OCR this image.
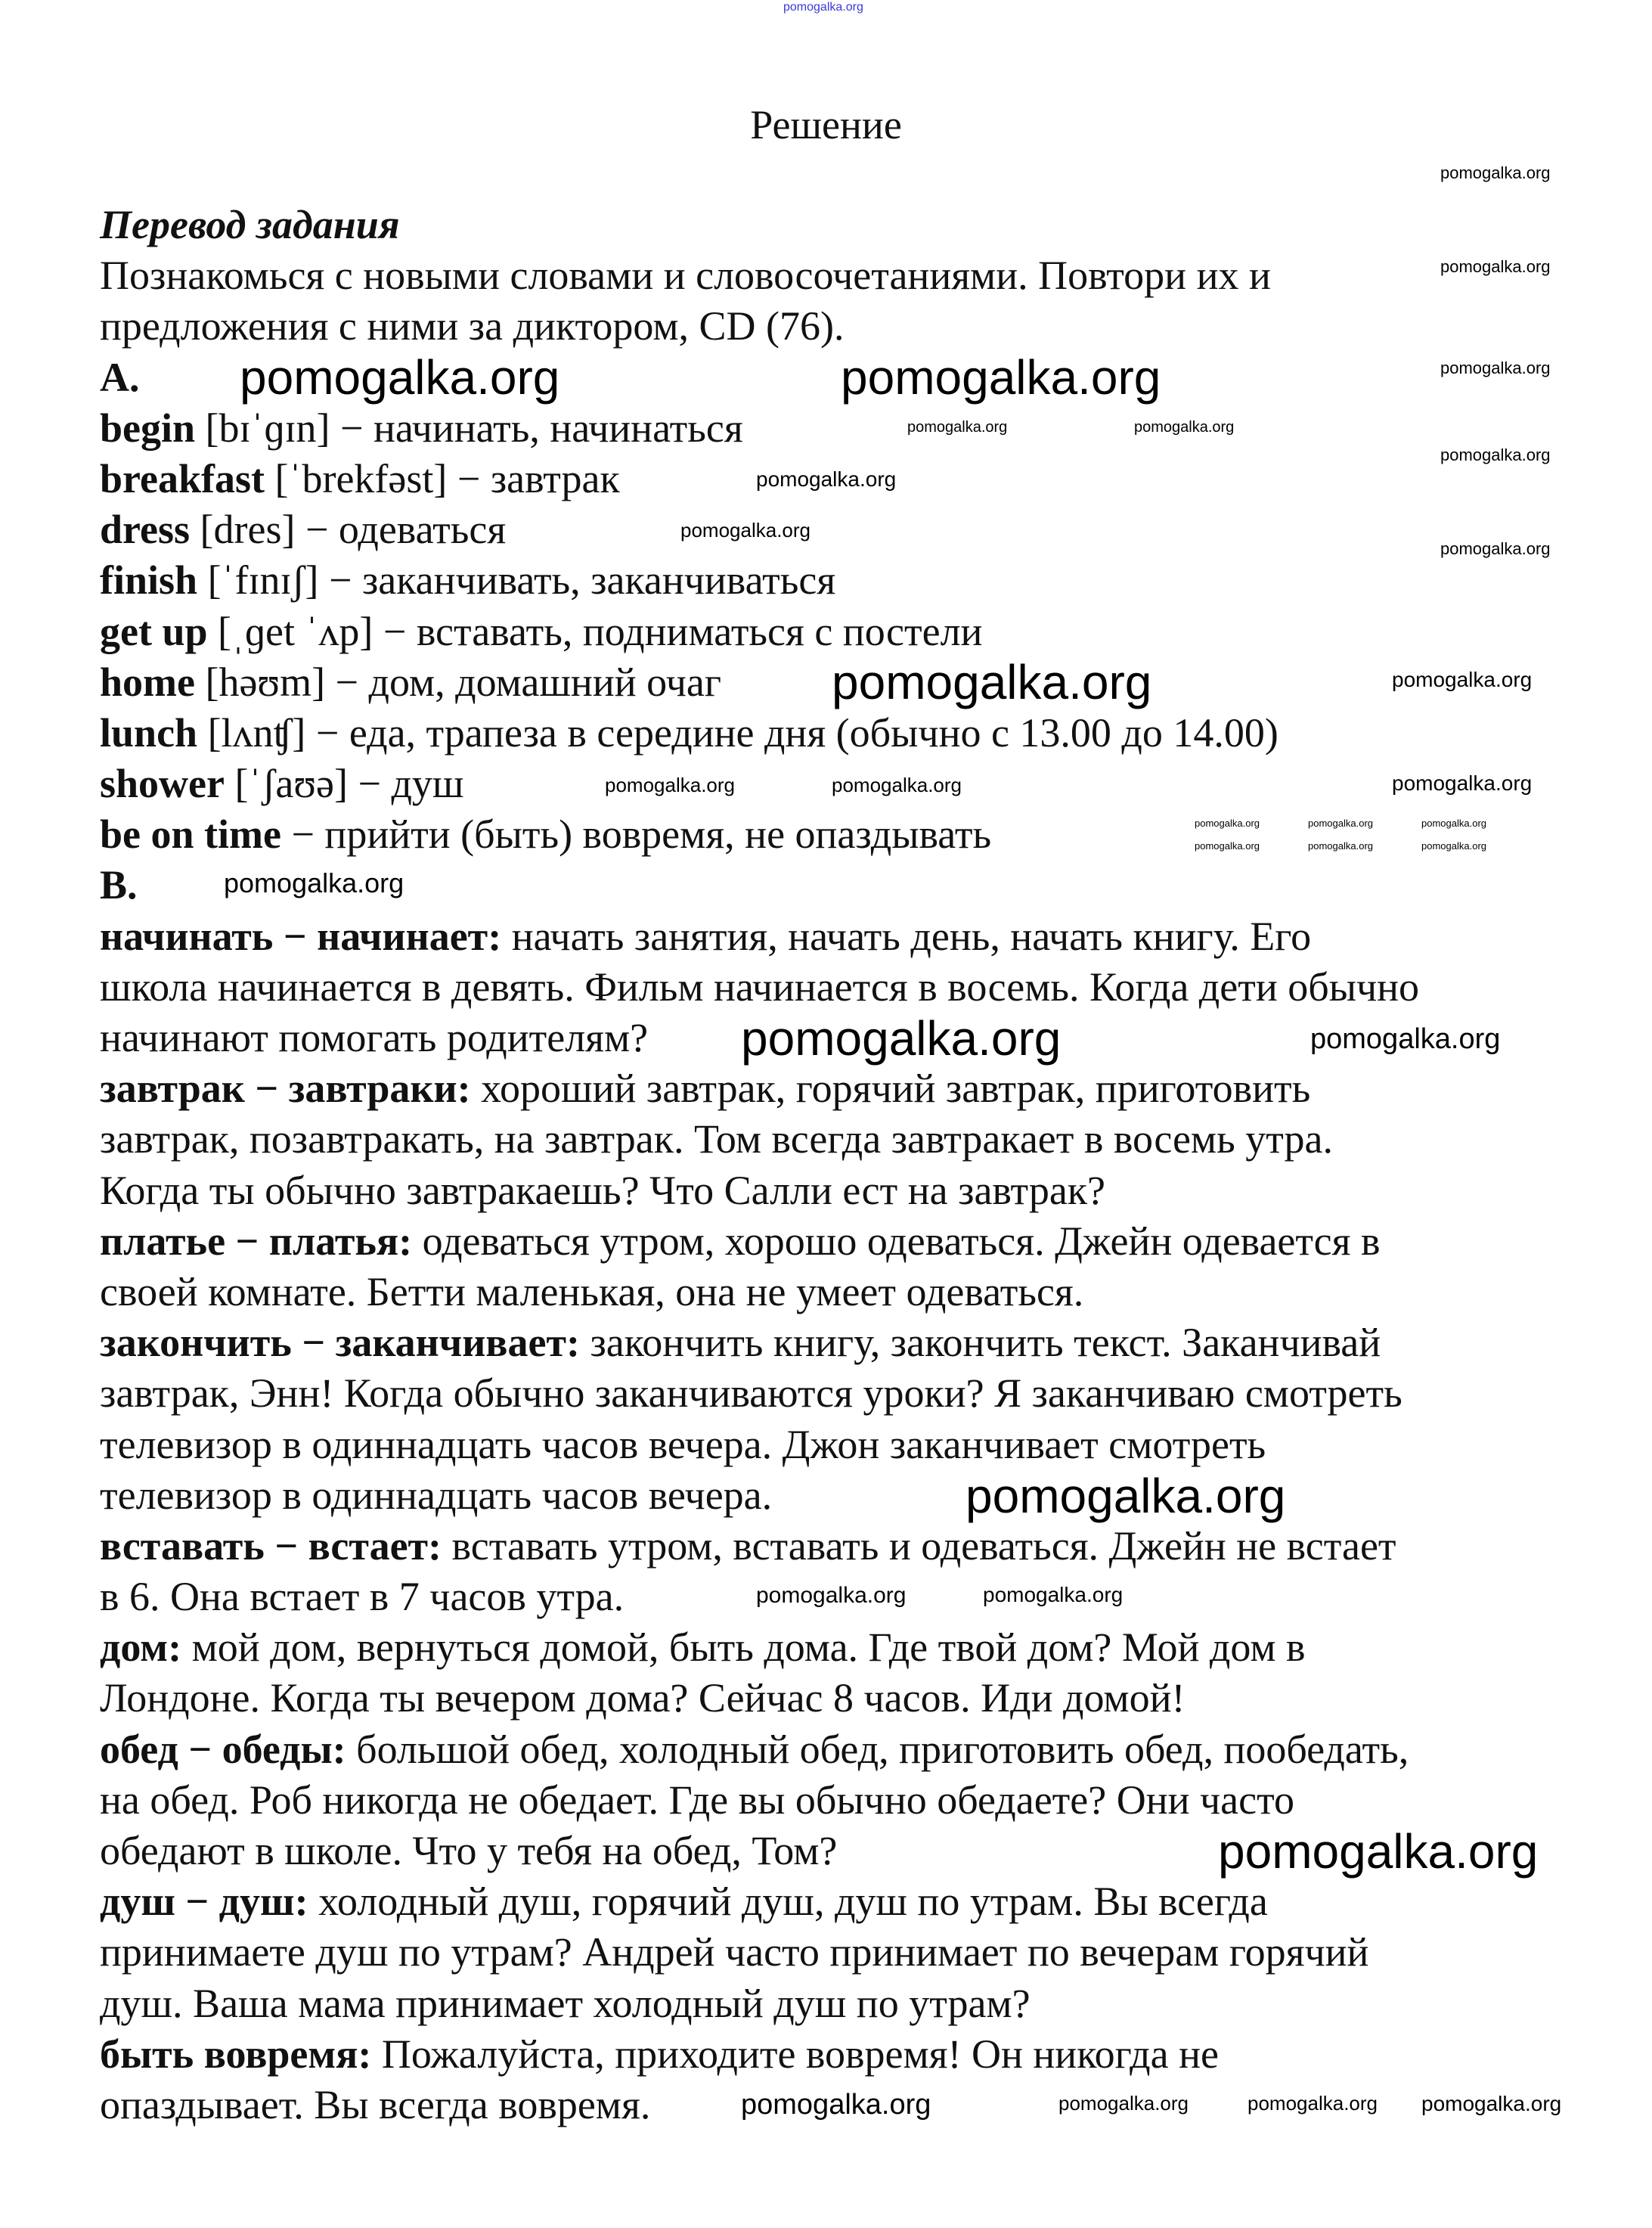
Решение
Перевод задания
Познакомься с новыми словами и словосочетаниями. Повтори их и
предложения с ними за диктором, CD (76).
A.
begin [bɪˈɡɪn] − начинать, начинаться
breakfast [ˈbrekfəst] − завтрак
dress [dres] − одеваться
finish [ˈfɪnɪʃ] − заканчивать, заканчиваться
get up [ˌɡet ˈʌp] − вставать, подниматься с постели
home [həʊm] − дом, домашний очаг
lunch [lʌnʧ] − еда, трапеза в середине дня (обычно с 13.00 до 14.00)
shower [ˈʃaʊə] − душ
be on time − прийти (быть) вовремя, не опаздывать
B.
начинать − начинает: начать занятия, начать день, начать книгу. Его
школа начинается в девять. Фильм начинается в восемь. Когда дети обычно
начинают помогать родителям?
завтрак − завтраки: хороший завтрак, горячий завтрак, приготовить
завтрак, позавтракать, на завтрак. Том всегда завтракает в восемь утра.
Когда ты обычно завтракаешь? Что Салли ест на завтрак?
платье − платья: одеваться утром, хорошо одеваться. Джейн одевается в
своей комнате. Бетти маленькая, она не умеет одеваться.
закончить − заканчивает: закончить книгу, закончить текст. Заканчивай
завтрак, Энн! Когда обычно заканчиваются уроки? Я заканчиваю смотреть
телевизор в одиннадцать часов вечера. Джон заканчивает смотреть
телевизор в одиннадцать часов вечера.
вставать − встает: вставать утром, вставать и одеваться. Джейн не встает
в 6. Она встает в 7 часов утра.
дом: мой дом, вернуться домой, быть дома. Где твой дом? Мой дом в
Лондоне. Когда ты вечером дома? Сейчас 8 часов. Иди домой!
обед − обеды: большой обед, холодный обед, приготовить обед, пообедать,
на обед. Роб никогда не обедает. Где вы обычно обедаете? Они часто
обедают в школе. Что у тебя на обед, Том?
душ − душ: холодный душ, горячий душ, душ по утрам. Вы всегда
принимаете душ по утрам? Андрей часто принимает по вечерам горячий
душ. Ваша мама принимает холодный душ по утрам?
быть вовремя: Пожалуйста, приходите вовремя! Он никогда не
опаздывает. Вы всегда вовремя.
pomogalka.org
pomogalka.org
pomogalka.org
pomogalka.org
pomogalka.org
pomogalka.org
pomogalka.org
pomogalka.org
pomogalka.org	pomogalka.org
pomogalka.org
pomogalka.org
pomogalka.org
pomogalka.org
pomogalka.org
pomogalka.org
pomogalka.org	pomogalka.org
pomogalka.org
pomogalka.org
pomogalka.org
pomogalka.org pomogalka.org
pomogalka.org
pomogalka.org
pomogalka.org
pomogalka.org	pomogalka.org
pomogalka.org	pomogalka.org	pomogalka.org
pomogalka.org	pomogalka.org	pomogalka.org
